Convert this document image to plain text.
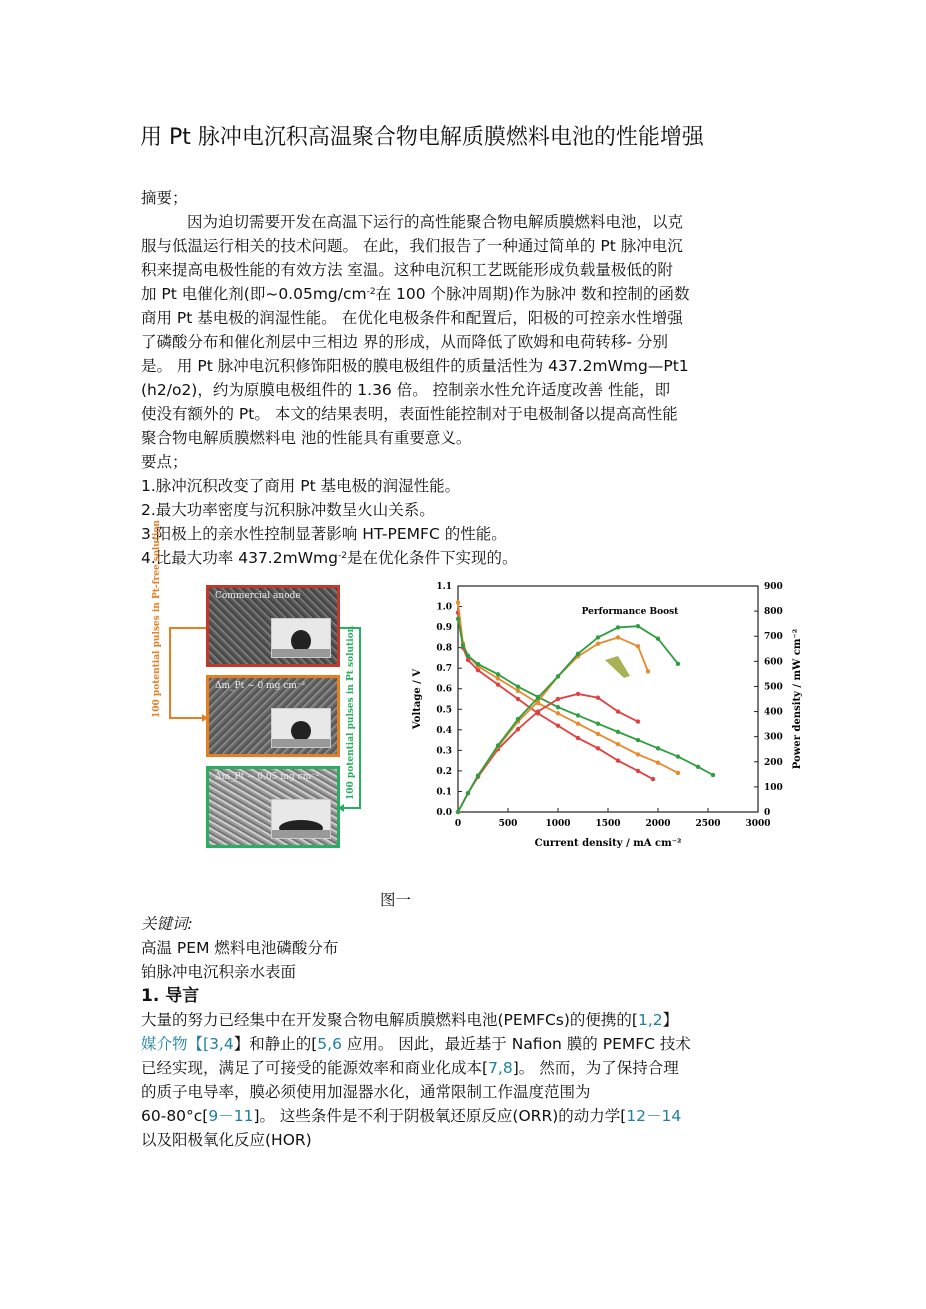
用 Pt 脉冲电沉积高温聚合物电解质膜燃料电池的性能增强
摘要；
因为迫切需要开发在高温下运行的高性能聚合物电解质膜燃料电池，以克
服与低温运行相关的技术问题。 在此，我们报告了一种通过简单的 Pt 脉冲电沉
积来提高电极性能的有效方法 室温。这种电沉积工艺既能形成负载量极低的附
加 Pt 电催化剂(即$\sim 0.05mg/cm^{-2}$在 100 个脉冲周期)作为脉冲 数和控制的函数
商用 Pt 基电极的润湿性能。 在优化电极条件和配置后，阳极的可控亲水性增强
了磷酸分布和催化剂层中三相边 界的形成，从而降低了欧姆和电荷转移- 分别
是。 用 Pt 脉冲电沉积修饰阳极的膜电极组件的质量活性为 437.2mWmg—Pt1
(h2/o2)，约为原膜电极组件的 1.36 倍。 控制亲水性允许适度改善 性能，即
使没有额外的 Pt。 本文的结果表明，表面性能控制对于电极制备以提高高性能
聚合物电解质膜燃料电 池的性能具有重要意义。
要点；
1.脉冲沉积改变了商用 Pt 基电极的润湿性能。
2.最大功率密度与沉积脉冲数呈火山关系。
3.阳极上的亲水性控制显著影响 HT-PEMFC 的性能。
4.比最大功率 437.2mWmg$^{-2}$是在优化条件下实现的。
Commercial anode
Δm_Pt ~ 0 mg cm⁻²
Δm_Pt ~ 0.05 mg cm⁻²
100 potential pulses in Pt-free solution	100 potential pulses in Pt solution
0	500	1000	1500	2000	2500	3000
0.0
0.1
0.2
0.3
0.4
0.5
0.6
0.7
0.8
0.9
1.0
1.1
0
100
200
300
400
500
600
700
800
900
Current density / mA cm⁻²
Voltage / V	Power density / mW cm⁻²
Performance Boost
图一
关键词:
高温 PEM 燃料电池磷酸分布
铂脉冲电沉积亲水表面
1. 导言
大量的努力已经集中在开发聚合物电解质膜燃料电池(PEMFCs)的便携的[1,2】
媒介物【[3,4】和静止的[5,6 应用。 因此，最近基于 Nafion 膜的 PEMFC 技术
已经实现，满足了可接受的能源效率和商业化成本[7,8]。 然而，为了保持合理
的质子电导率，膜必须使用加湿器水化，通常限制工作温度范围为
60-80°c[9－11]。 这些条件是不利于阴极氧还原反应(ORR)的动力学[12－14
以及阳极氧化反应(HOR)
